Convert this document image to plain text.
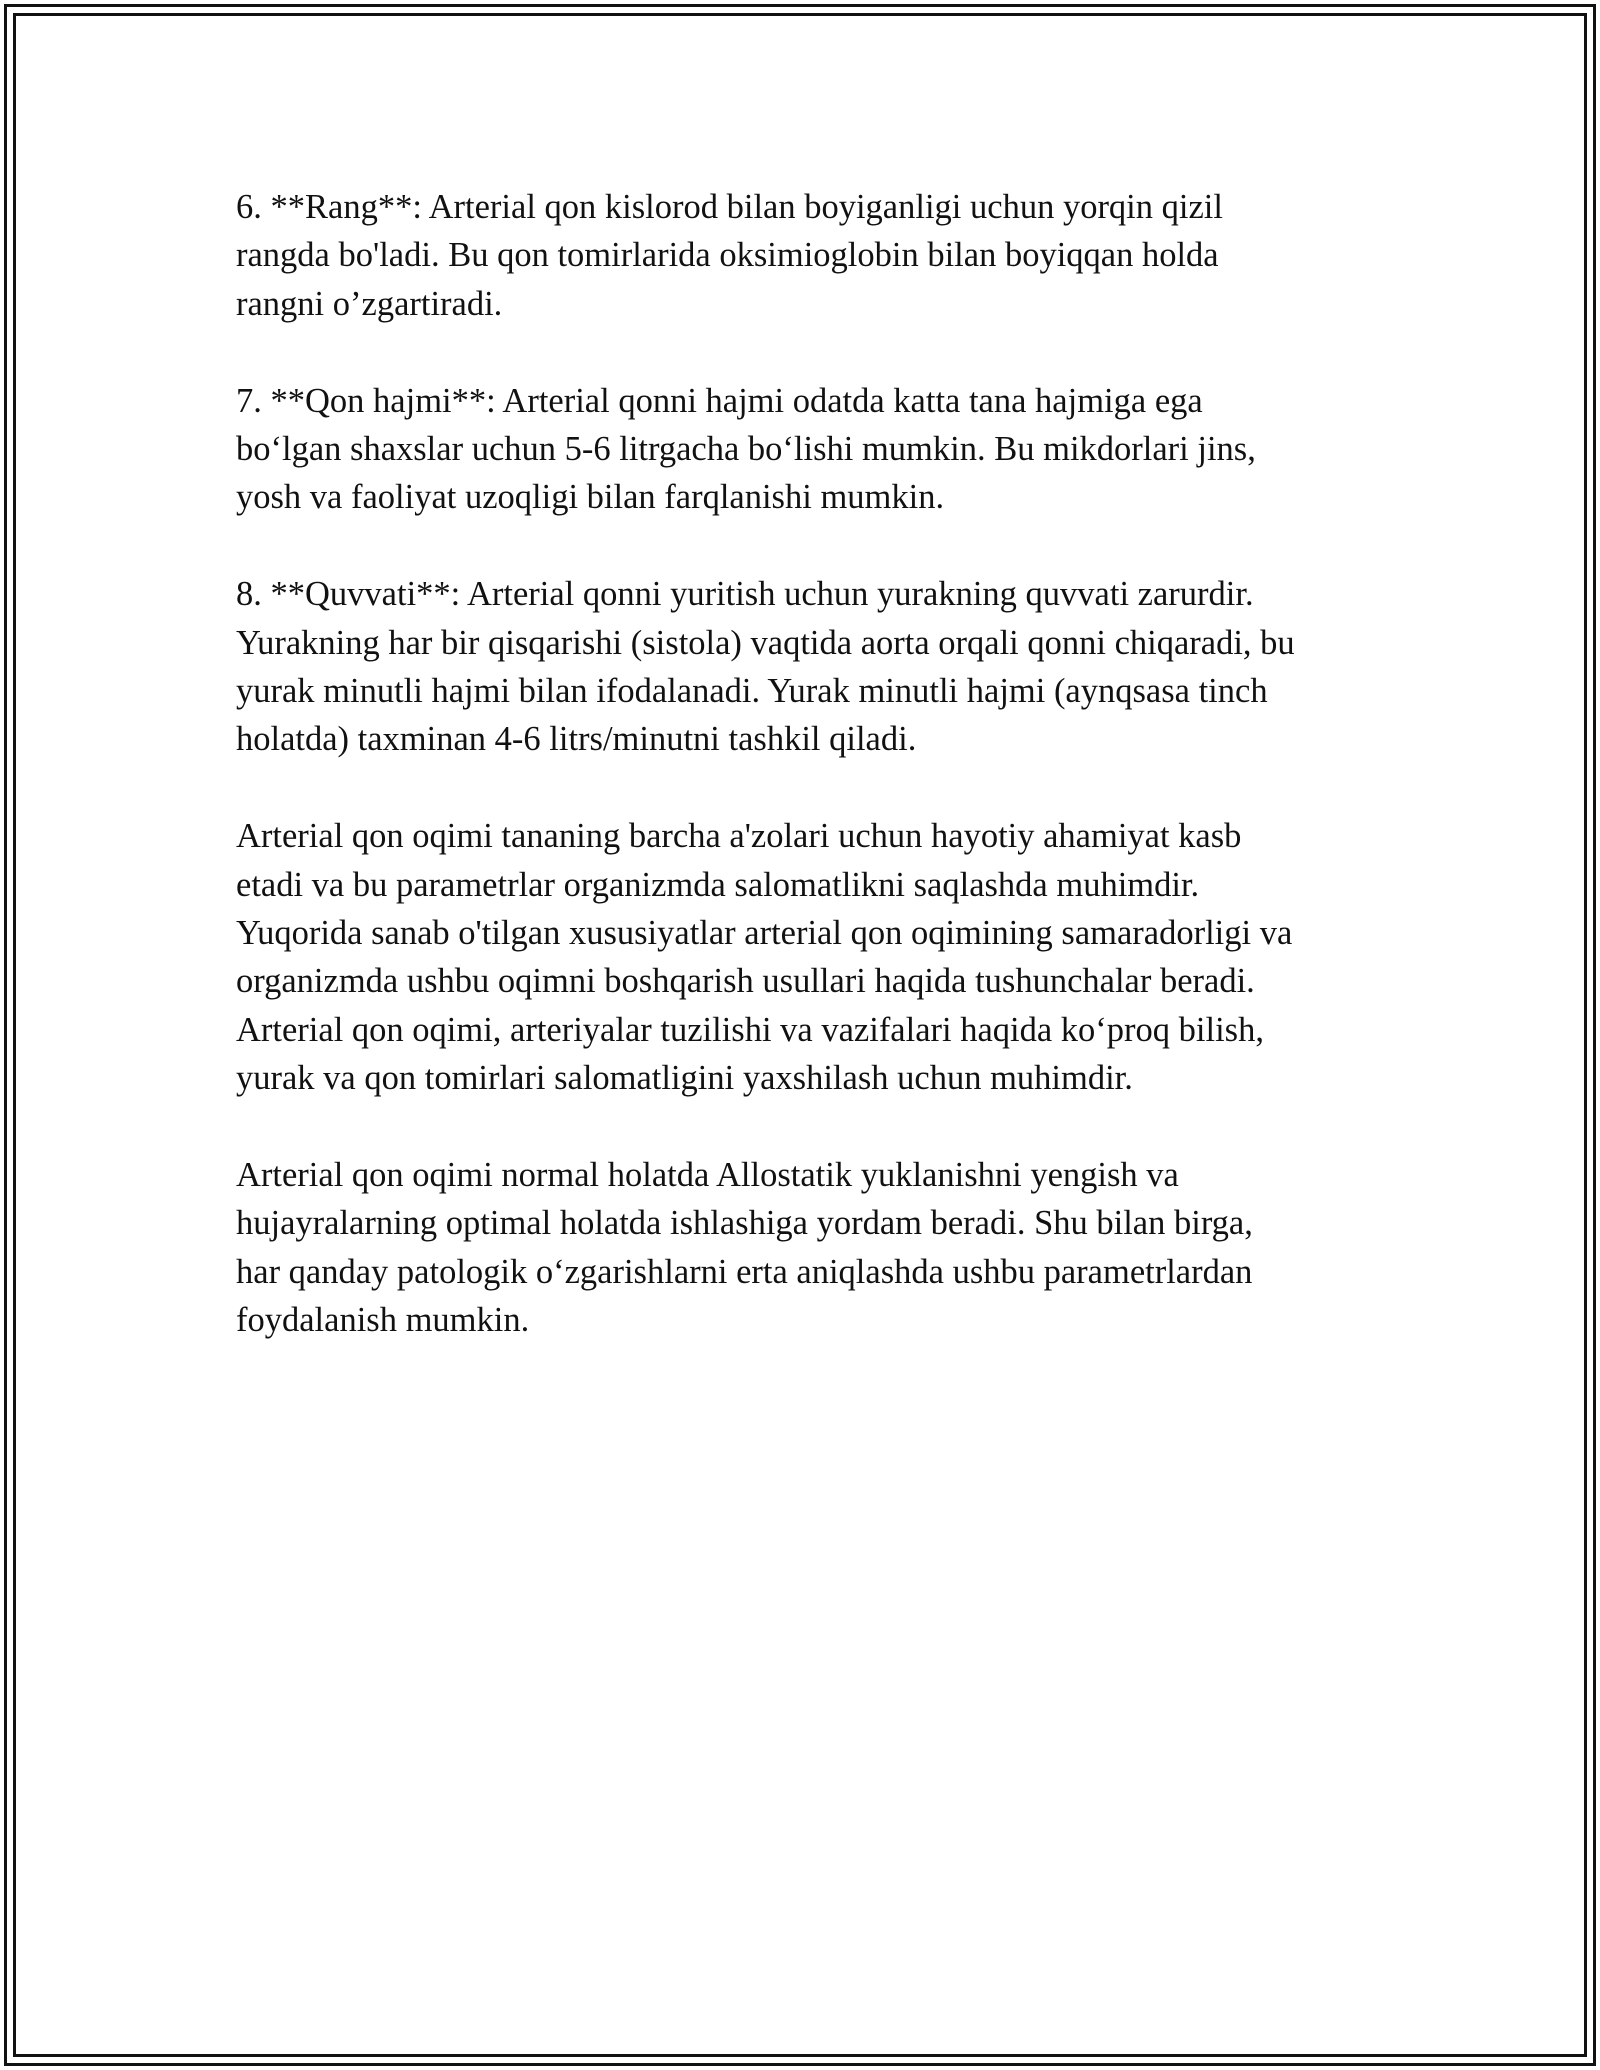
6. **Rang**: Arterial qon kislorod bilan boyiganligi uchun yorqin qizil
rangda bo'ladi. Bu qon tomirlarida oksimioglobin bilan boyiqqan holda
rangni o’zgartiradi.

7. **Qon hajmi**: Arterial qonni hajmi odatda katta tana hajmiga ega
bo‘lgan shaxslar uchun 5-6 litrgacha bo‘lishi mumkin. Bu mikdorlari jins,
yosh va faoliyat uzoqligi bilan farqlanishi mumkin.

8. **Quvvati**: Arterial qonni yuritish uchun yurakning quvvati zarurdir.
Yurakning har bir qisqarishi (sistola) vaqtida aorta orqali qonni chiqaradi, bu
yurak minutli hajmi bilan ifodalanadi. Yurak minutli hajmi (aynqsasa tinch
holatda) taxminan 4-6 litrs/minutni tashkil qiladi.

Arterial qon oqimi tananing barcha a'zolari uchun hayotiy ahamiyat kasb
etadi va bu parametrlar organizmda salomatlikni saqlashda muhimdir.
Yuqorida sanab o'tilgan xususiyatlar arterial qon oqimining samaradorligi va
organizmda ushbu oqimni boshqarish usullari haqida tushunchalar beradi.
Arterial qon oqimi, arteriyalar tuzilishi va vazifalari haqida ko‘proq bilish,
yurak va qon tomirlari salomatligini yaxshilash uchun muhimdir.

Arterial qon oqimi normal holatda Allostatik yuklanishni yengish va
hujayralarning optimal holatda ishlashiga yordam beradi. Shu bilan birga,
har qanday patologik o‘zgarishlarni erta aniqlashda ushbu parametrlardan
foydalanish mumkin.
